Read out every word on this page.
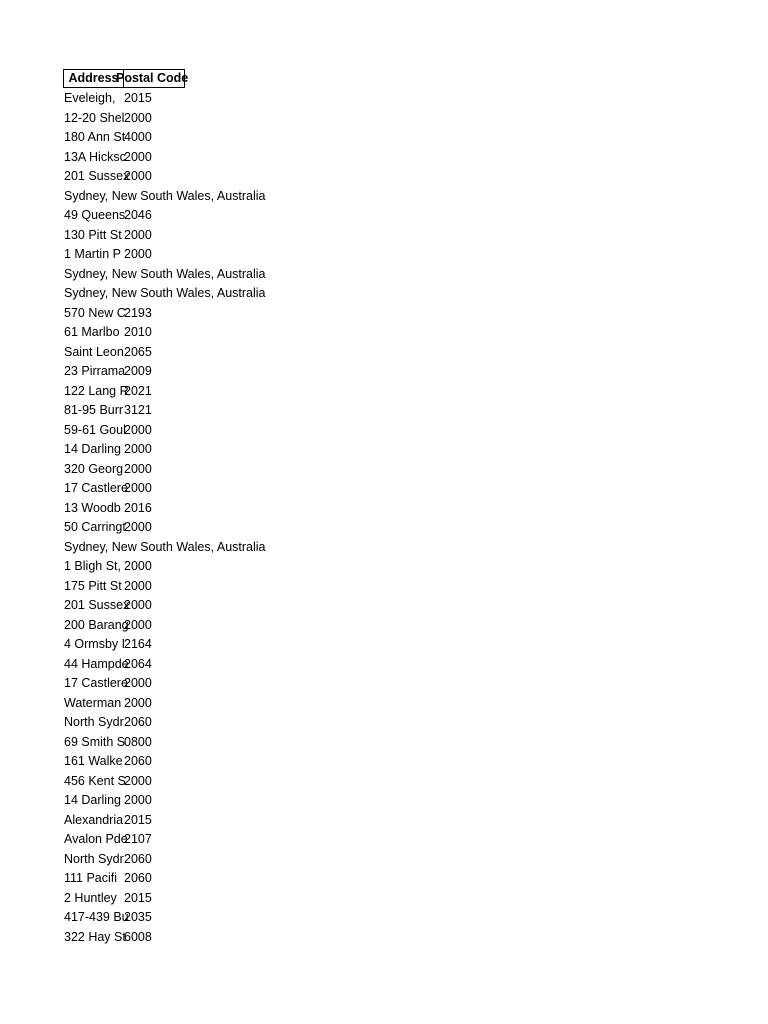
Address
Postal Code
Eveleigh, 2015
12-20 Shel 2000
180 Ann St
4000
13A Hicksc
2000
201 Sussex
2000
Sydney, New South Wales, Australia
49 Queens
2046
130 Pitt St 2000
1 Martin P 2000
Sydney, New South Wales, Australia
Sydney, New South Wales, Australia
570 New C
2193
61 Marlbo 2010
Saint Leon 2065
23 Pirrama
2009
122 Lang R
2021
81-95 Burr 3121
59-61 Goul
2000
14 Darling 2000
320 Georg 2000
17 Castlere
2000
13 Woodb 2016
50 Carringt
2000
Sydney, New South Wales, Australia
1 Bligh St, 2000
175 Pitt St 2000
201 Sussex
2000
200 Barang
2000
4 Ormsby I
2164
44 Hampde
2064
17 Castlere
2000
Waterman 2000
North Sydr 2060
69 Smith S
0800
161 Walke 2060
456 Kent S
2000
14 Darling 2000
Alexandria 2015
Avalon Pde
2107
North Sydr 2060
111 Pacifi 2060
2 Huntley 2015
417-439 Bu
2035
322 Hay St
6008
